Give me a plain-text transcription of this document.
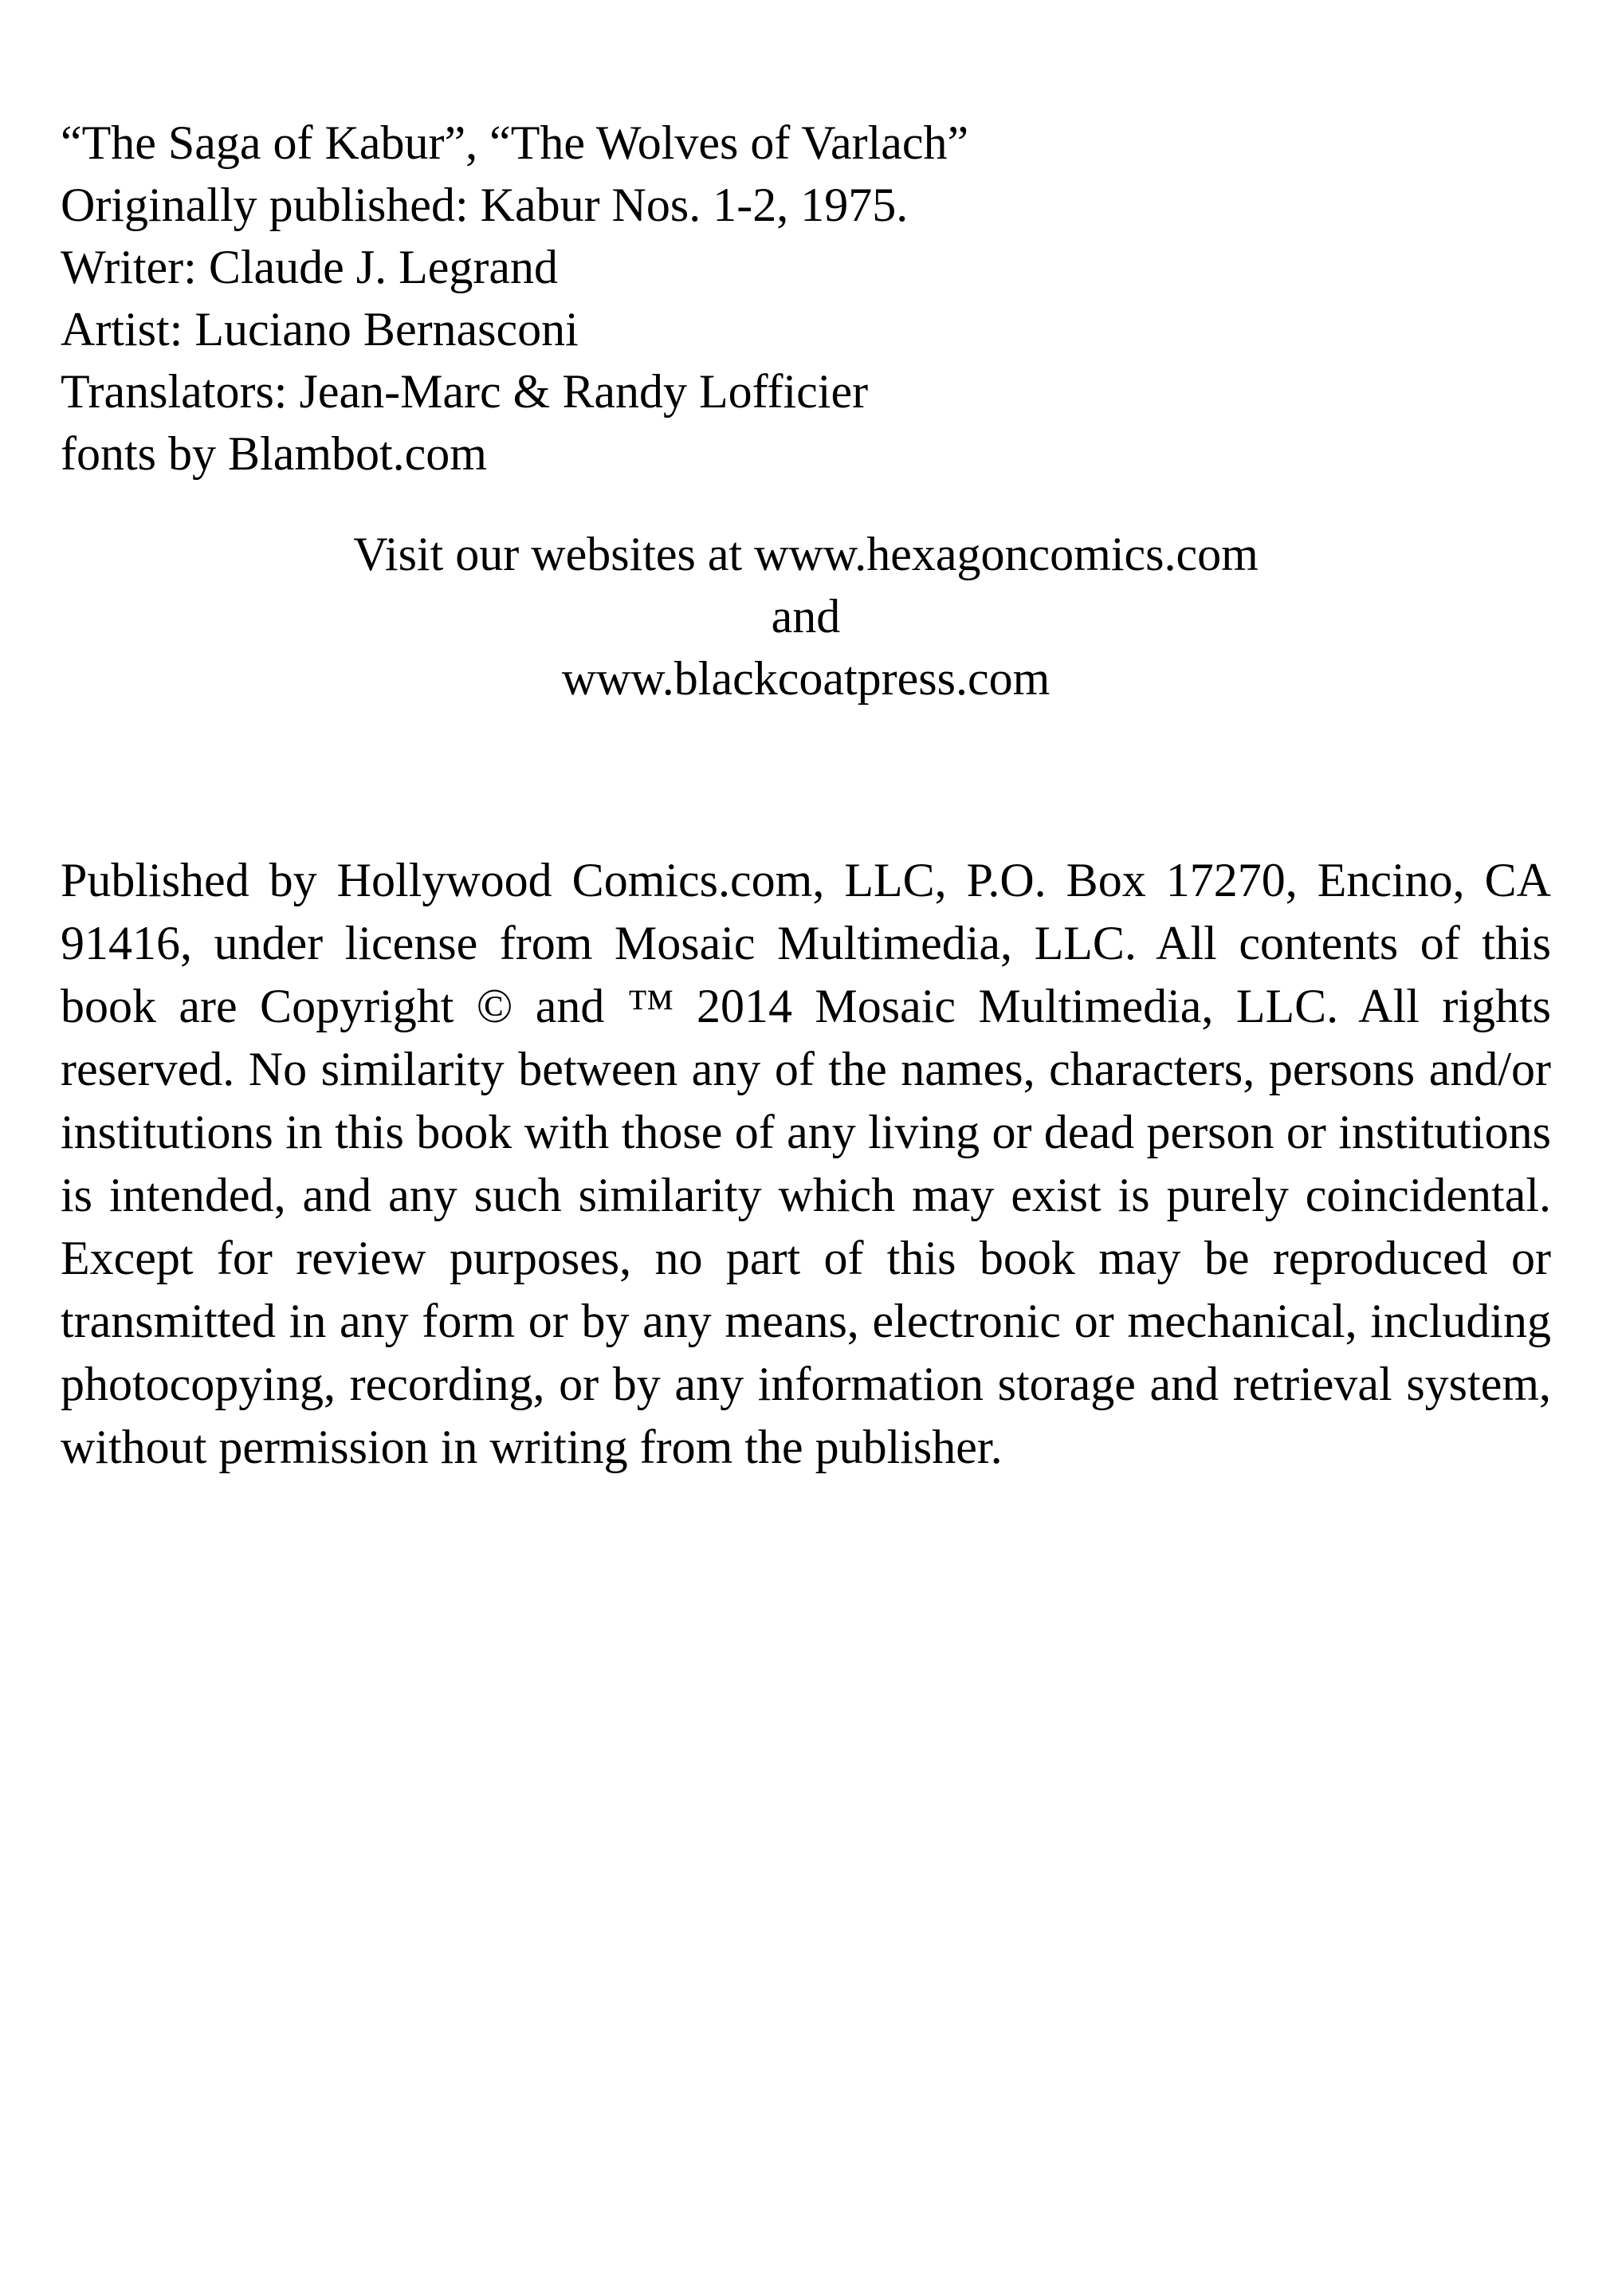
“The Saga of Kabur”, “The Wolves of Varlach”
Originally published: Kabur Nos. 1-2, 1975.
Writer: Claude J. Legrand
Artist: Luciano Bernasconi
Translators: Jean-Marc & Randy Lofficier
fonts by Blambot.com
Visit our websites at www.hexagoncomics.com
and
www.blackcoatpress.com
Published by Hollywood Comics.com, LLC, P.O. Box 17270, Encino, CA 91416, under license from Mosaic Multimedia, LLC. All contents of this book are Copyright © and ™ 2014 Mosaic Multimedia, LLC. All rights reserved. No similarity between any of the names, characters, persons and/or institutions in this book with those of any living or dead person or institutions is intended, and any such similarity which may exist is purely coincidental. Except for review purposes, no part of this book may be reproduced or transmitted in any form or by any means, electronic or mechanical, including photocopying, recording, or by any information storage and retrieval system, without permission in writing from the publisher.
